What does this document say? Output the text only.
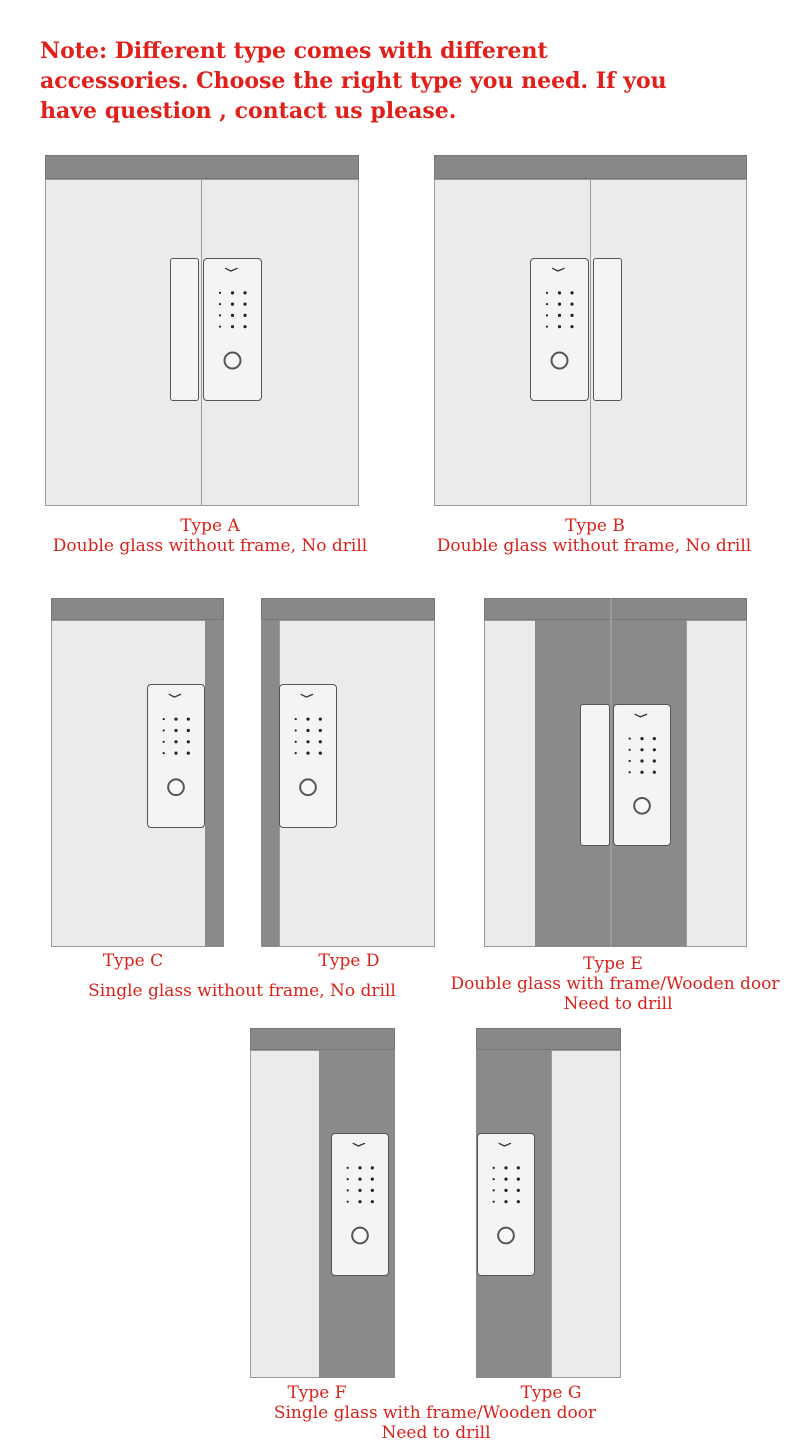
Note: Different type comes with different accessories. Choose the right type you need. If you have question , contact us please.
Type A
Double glass without frame, No drill
Type B
Double glass without frame, No drill
Type C	Type D
Single glass without frame, No drill
Type E
Double glass with frame/Wooden door
Need to drill
Type F	Type G
Single glass with frame/Wooden door
Need to drill
